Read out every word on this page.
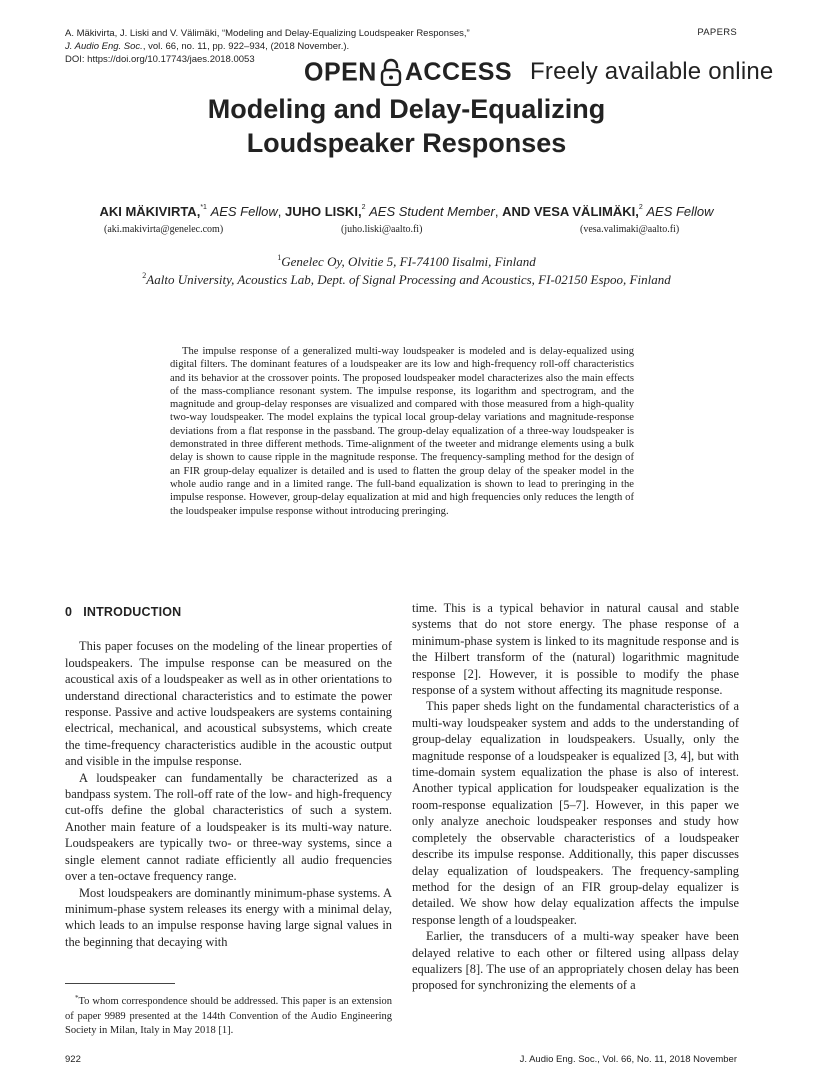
A. Mäkivirta, J. Liski and V. Välimäki, “Modeling and Delay-Equalizing Loudspeaker Responses,”
J. Audio Eng. Soc., vol. 66, no. 11, pp. 922–934, (2018 November.).
DOI: https://doi.org/10.17743/jaes.2018.0053
PAPERS
OPEN ACCESS Freely available online
Modeling and Delay-Equalizing
Loudspeaker Responses
AKI MÄKIVIRTA,$^{*1}$ AES Fellow, JUHO LISKI,$^2$ AES Student Member, AND VESA VÄLIMÄKI,$^2$ AES Fellow
(aki.makivirta@genelec.com)	(juho.liski@aalto.fi)	(vesa.valimaki@aalto.fi)
$^1$Genelec Oy, Olvitie 5, FI-74100 Iisalmi, Finland
$^2$Aalto University, Acoustics Lab, Dept. of Signal Processing and Acoustics, FI-02150 Espoo, Finland
The impulse response of a generalized multi-way loudspeaker is modeled and is delay-equalized using digital filters. The dominant features of a loudspeaker are its low and high-frequency roll-off characteristics and its behavior at the crossover points. The proposed loudspeaker model characterizes also the main effects of the mass-compliance resonant system. The impulse response, its logarithm and spectrogram, and the magnitude and group-delay responses are visualized and compared with those measured from a high-quality two-way loudspeaker. The model explains the typical local group-delay variations and magnitude-response deviations from a flat response in the passband. The group-delay equalization of a three-way loudspeaker is demonstrated in three different methods. Time-alignment of the tweeter and midrange elements using a bulk delay is shown to cause ripple in the magnitude response. The frequency-sampling method for the design of an FIR group-delay equalizer is detailed and is used to flatten the group delay of the speaker model in the whole audio range and in a limited range. The full-band equalization is shown to lead to preringing in the impulse response. However, group-delay equalization at mid and high frequencies only reduces the length of the loudspeaker impulse response without introducing preringing.
0 INTRODUCTION

This paper focuses on the modeling of the linear properties of loudspeakers. The impulse response can be measured on the acoustical axis of a loudspeaker as well as in other orientations to understand directional characteristics and to estimate the power response. Passive and active loudspeakers are systems containing electrical, mechanical, and acoustical subsystems, which create the time-frequency characteristics audible in the acoustic output and visible in the impulse response.

A loudspeaker can fundamentally be characterized as a bandpass system. The roll-off rate of the low- and high-frequency cut-offs define the global characteristics of such a system. Another main feature of a loudspeaker is its multi-way nature. Loudspeakers are typically two- or three-way systems, since a single element cannot radiate efficiently all audio frequencies over a ten-octave frequency range.

Most loudspeakers are dominantly minimum-phase systems. A minimum-phase system releases its energy with a minimal delay, which leads to an impulse response having large signal values in the beginning that decaying with

time. This is a typical behavior in natural causal and stable systems that do not store energy. The phase response of a minimum-phase system is linked to its magnitude response and is the Hilbert transform of the (natural) logarithmic magnitude response [2]. However, it is possible to modify the phase response of a system without affecting its magnitude response.

This paper sheds light on the fundamental characteristics of a multi-way loudspeaker system and adds to the understanding of group-delay equalization in loudspeakers. Usually, only the magnitude response of a loudspeaker is equalized [3, 4], but with time-domain system equalization the phase is also of interest. Another typical application for loudspeaker equalization is the room-response equalization [5–7]. However, in this paper we only analyze anechoic loudspeaker responses and study how completely the observable characteristics of a loudspeaker describe its impulse response. Additionally, this paper discusses delay equalization of loudspeakers. The frequency-sampling method for the design of an FIR group-delay equalizer is detailed. We show how delay equalization affects the impulse response length of a loudspeaker.

Earlier, the transducers of a multi-way speaker have been delayed relative to each other or filtered using allpass delay equalizers [8]. The use of an appropriately chosen delay has been proposed for synchronizing the elements of a

*To whom correspondence should be addressed. This paper is an extension of paper 9989 presented at the 144th Convention of the Audio Engineering Society in Milan, Italy in May 2018 [1].
922	J. Audio Eng. Soc., Vol. 66, No. 11, 2018 November
